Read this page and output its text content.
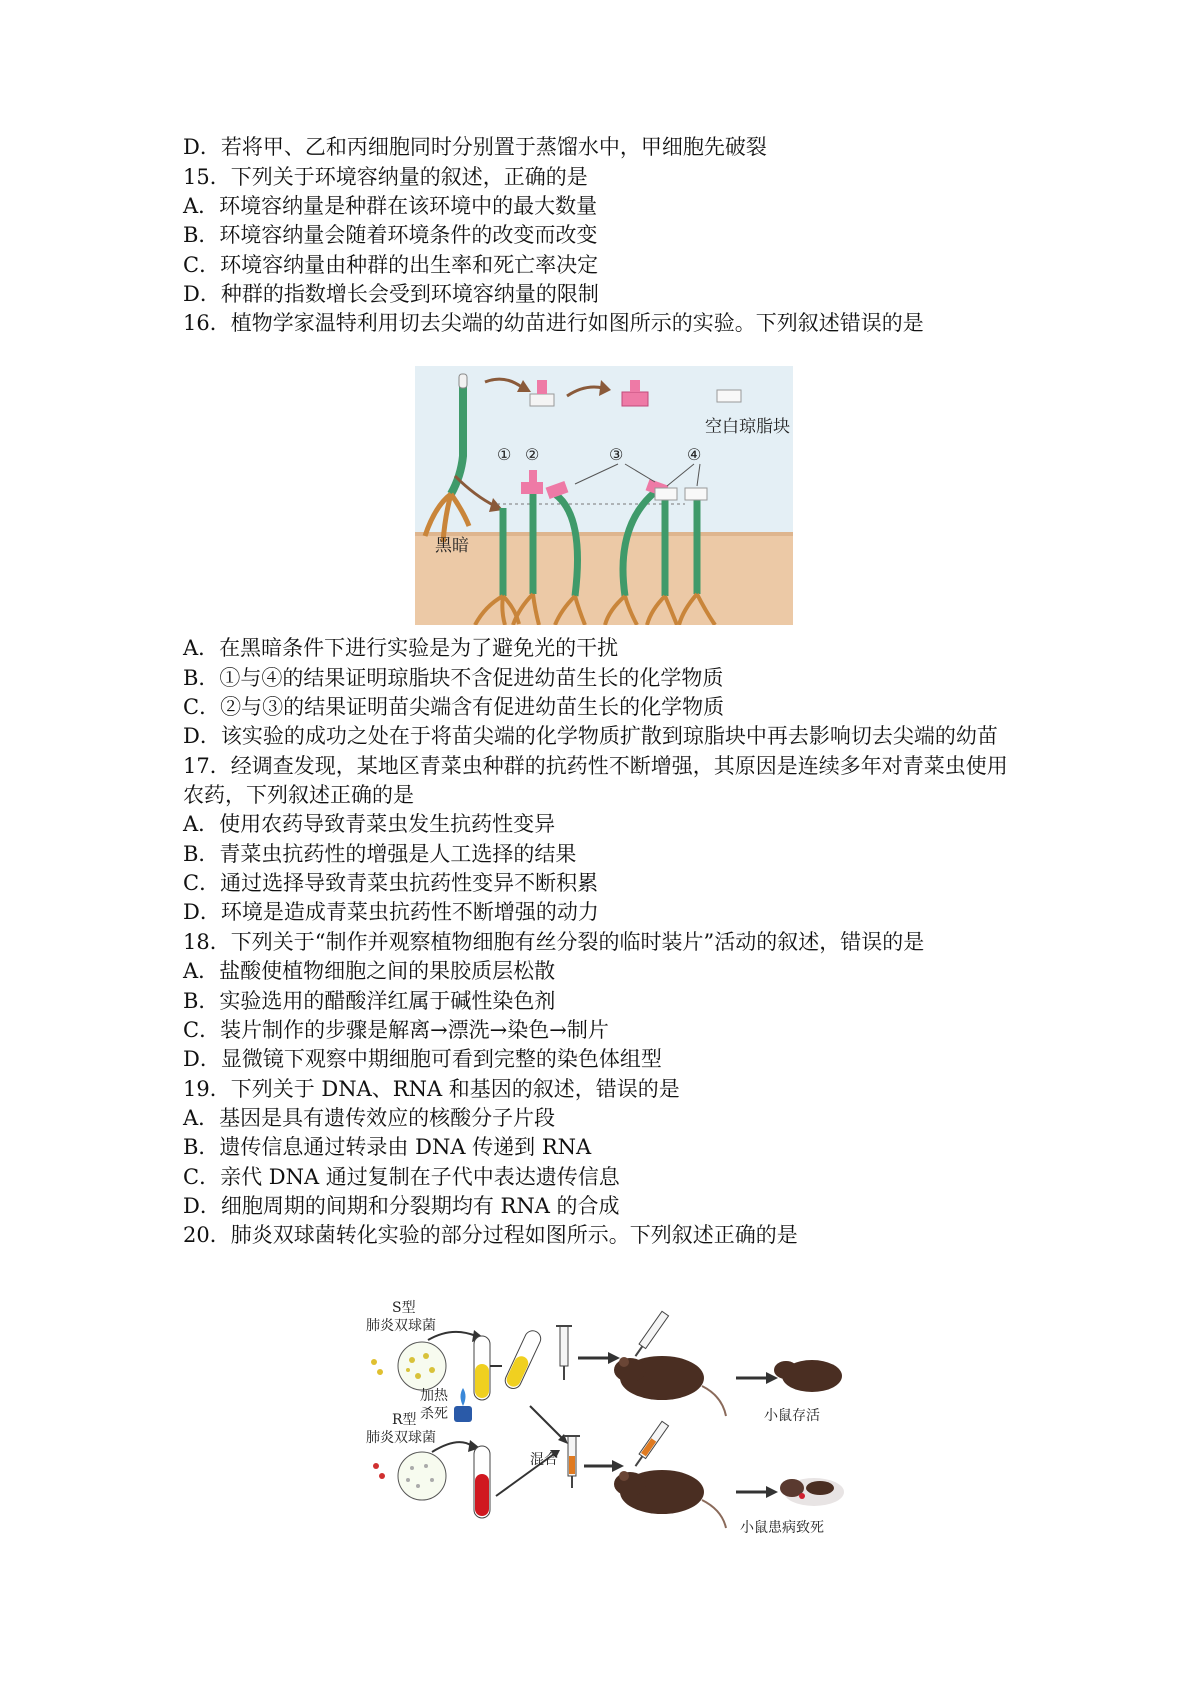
D．若将甲、乙和丙细胞同时分别置于蒸馏水中，甲细胞先破裂
15．下列关于环境容纳量的叙述，正确的是
A．环境容纳量是种群在该环境中的最大数量
B．环境容纳量会随着环境条件的改变而改变
C．环境容纳量由种群的出生率和死亡率决定
D．种群的指数增长会受到环境容纳量的限制
16．植物学家温特利用切去尖端的幼苗进行如图所示的实验。下列叙述错误的是
空白琼脂块
黑暗
① ②	③	④
A．在黑暗条件下进行实验是为了避免光的干扰
B．①与④的结果证明琼脂块不含促进幼苗生长的化学物质
C．②与③的结果证明苗尖端含有促进幼苗生长的化学物质
D．该实验的成功之处在于将苗尖端的化学物质扩散到琼脂块中再去影响切去尖端的幼苗
17．经调查发现，某地区青菜虫种群的抗药性不断增强，其原因是连续多年对青菜虫使用
农药，下列叙述正确的是
A．使用农药导致青菜虫发生抗药性变异
B．青菜虫抗药性的增强是人工选择的结果
C．通过选择导致青菜虫抗药性变异不断积累
D．环境是造成青菜虫抗药性不断增强的动力
18．下列关于“制作并观察植物细胞有丝分裂的临时装片”活动的叙述，错误的是
A．盐酸使植物细胞之间的果胶质层松散
B．实验选用的醋酸洋红属于碱性染色剂
C．装片制作的步骤是解离→漂洗→染色→制片
D．显微镜下观察中期细胞可看到完整的染色体组型
19．下列关于 DNA、RNA 和基因的叙述，错误的是
A．基因是具有遗传效应的核酸分子片段
B．遗传信息通过转录由 DNA 传递到 RNA
C．亲代 DNA 通过复制在子代中表达遗传信息
D．细胞周期的间期和分裂期均有 RNA 的合成
20．肺炎双球菌转化实验的部分过程如图所示。下列叙述正确的是
S型
肺炎双球菌
加热
杀死	小鼠存活
R型
肺炎双球菌
混合
小鼠患病致死
